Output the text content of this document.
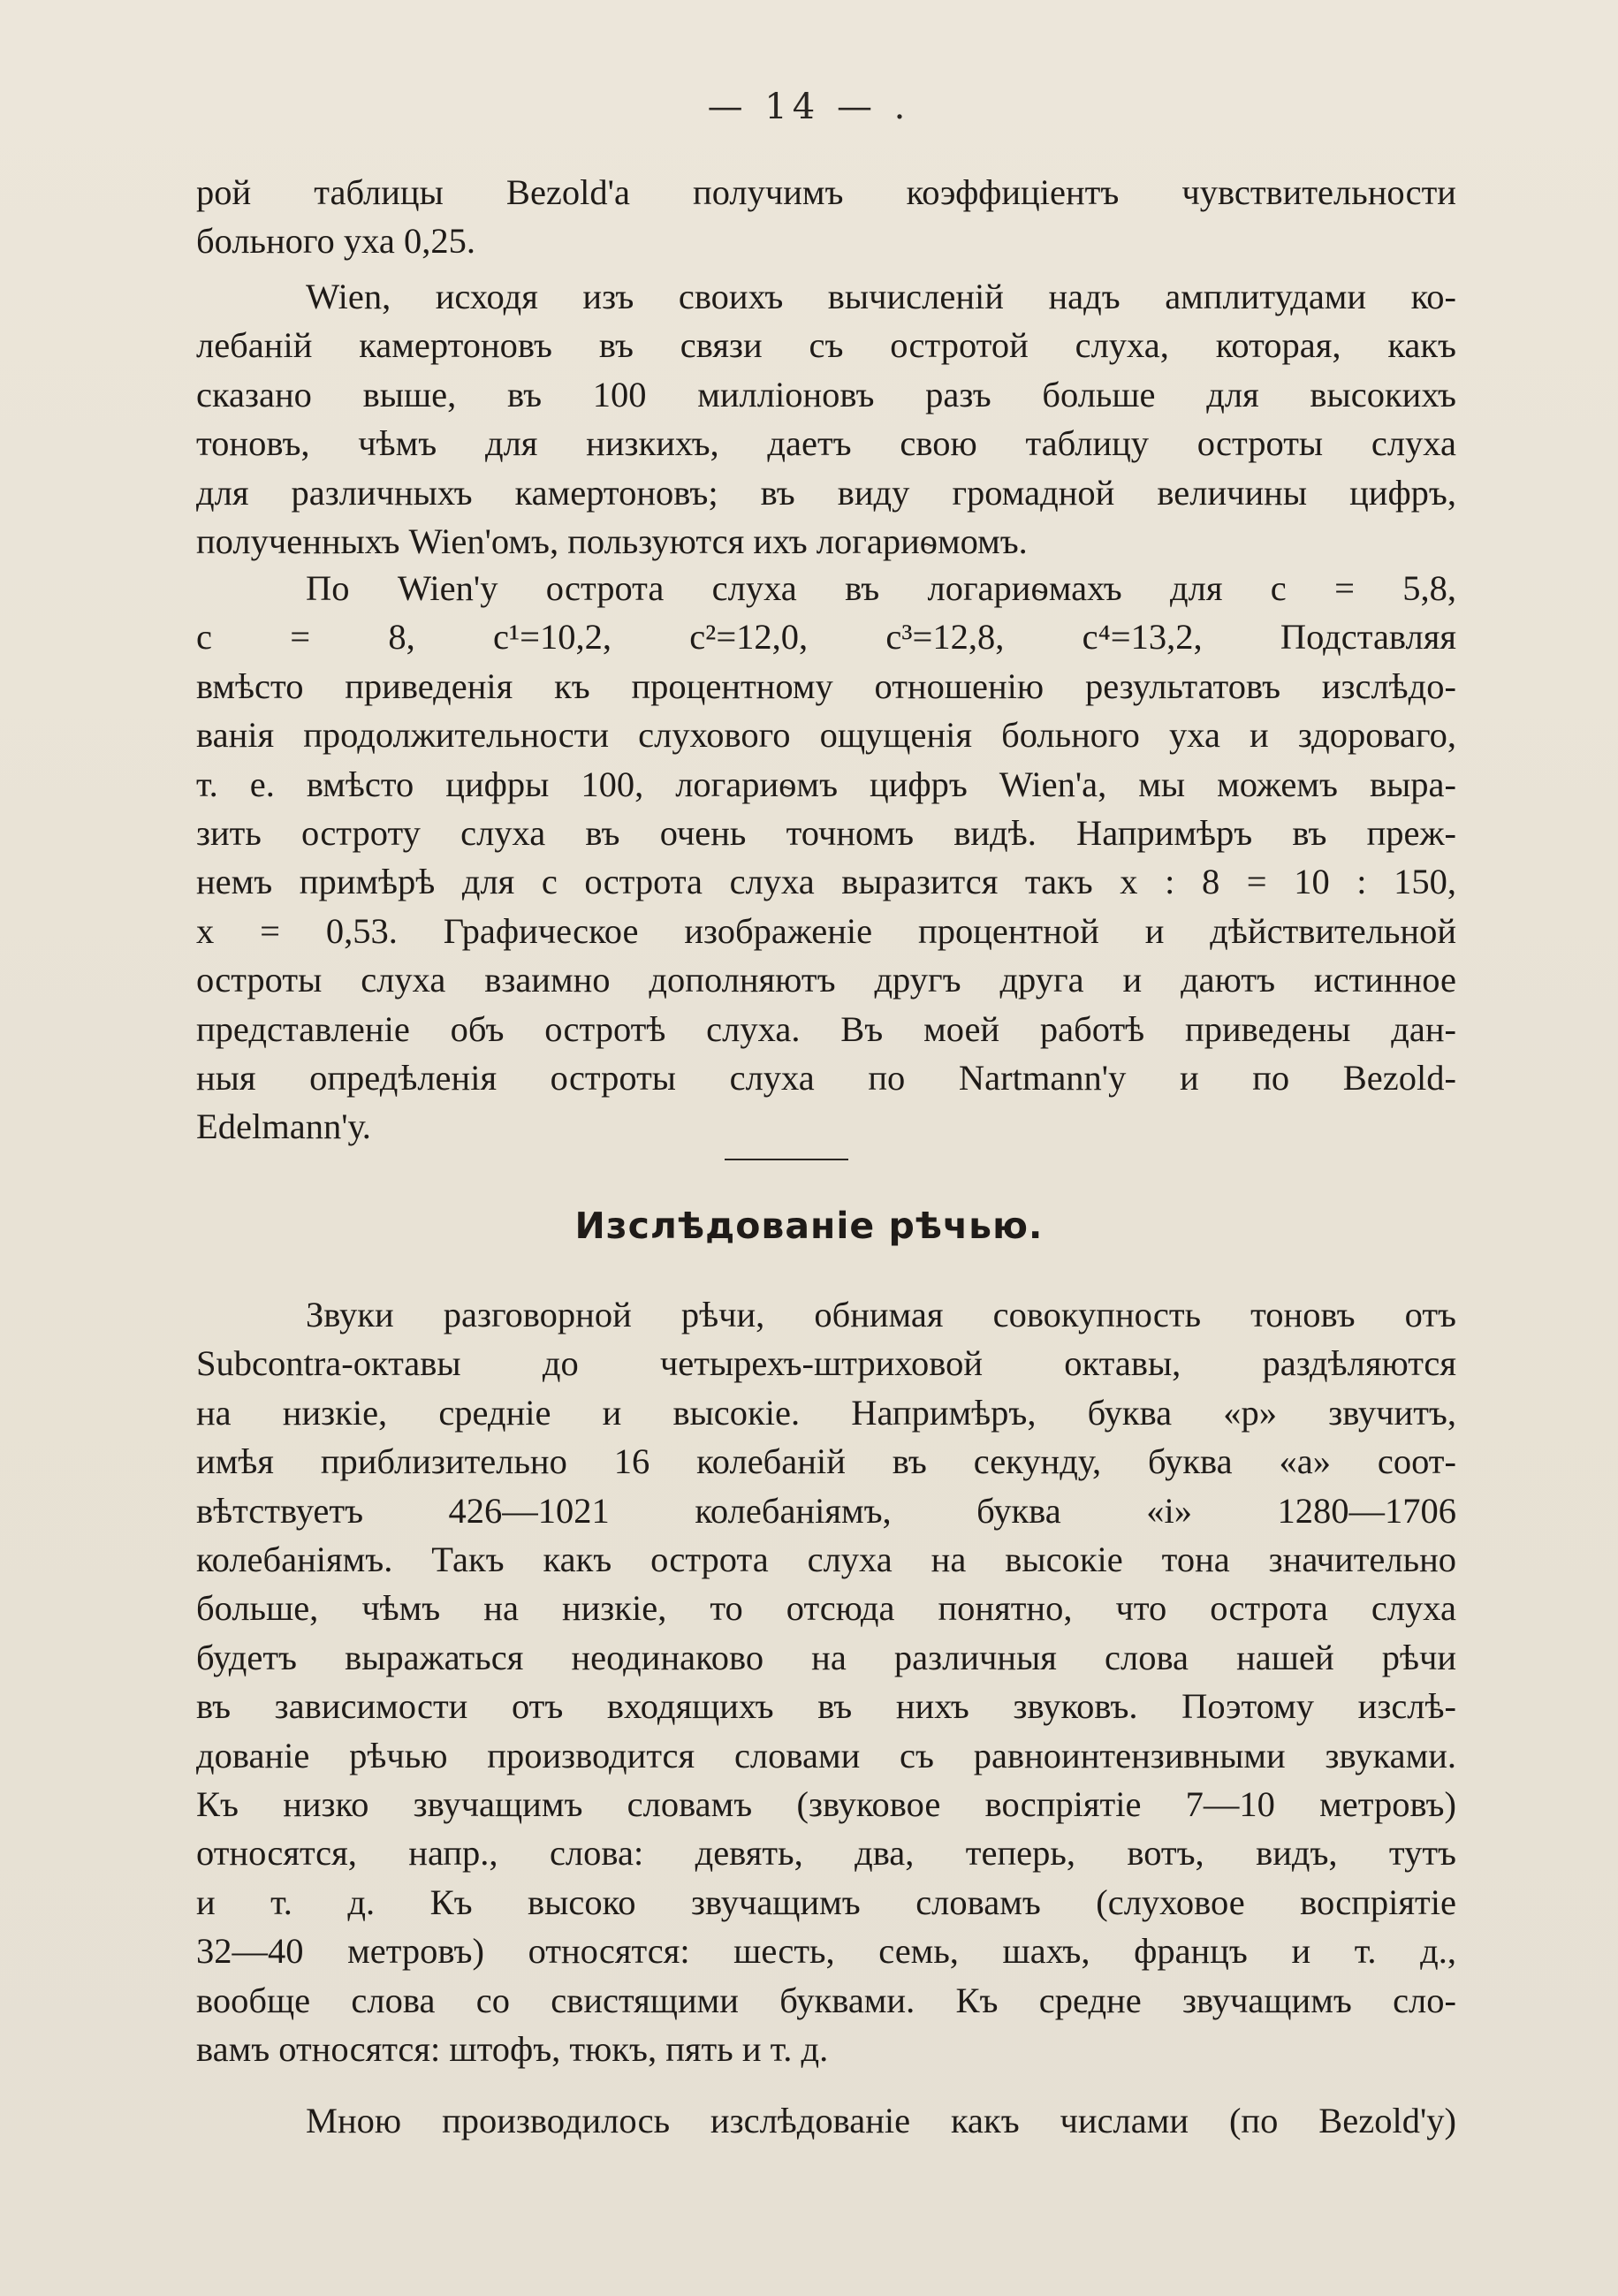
— 14 — .
рой таблицы Bezold'а получимъ коэффиціентъ чувствительности
больного уха 0,25.
Wien, исходя изъ своихъ вычисленій надъ амплитудами ко-
лебаній камертоновъ въ связи съ остротой слуха, которая, какъ
сказано выше, въ 100 милліоновъ разъ больше для высокихъ
тоновъ, чѣмъ для низкихъ, даетъ свою таблицу остроты слуха
для различныхъ камертоновъ; въ виду громадной величины цифръ,
полученныхъ Wien'омъ, пользуются ихъ логариѳмомъ.
По Wien'у острота слуха въ логариѳмахъ для c = 5,8,
c = 8, c¹=10,2, c²=12,0, c³=12,8, c⁴=13,2, Подставляя
вмѣсто приведенія къ процентному отношенію результатовъ изслѣдо-
ванія продолжительности слухового ощущенія больного уха и здороваго,
т. е. вмѣсто цифры 100, логариѳмъ цифръ Wien'а, мы можемъ выра-
зить остроту слуха въ очень точномъ видѣ. Напримѣръ въ преж-
немъ примѣрѣ для c острота слуха выразится такъ x : 8 = 10 : 150,
x = 0,53. Графическое изображеніе процентной и дѣйствительной
остроты слуха взаимно дополняютъ другъ друга и даютъ истинное
представленіе объ остротѣ слуха. Въ моей работѣ приведены дан-
ныя опредѣленія остроты слуха по Nartmann'у и по Bezold-
Edelmann'у.
Изслѣдованіе рѣчью.
Звуки разговорной рѣчи, обнимая совокупность тоновъ отъ
Subcontra-октавы до четырехъ-штриховой октавы, раздѣляются
на низкіе, средніе и высокіе. Напримѣръ, буква «р» звучитъ,
имѣя приблизительно 16 колебаній въ секунду, буква «а» соот-
вѣтствуетъ 426—1021 колебаніямъ, буква «і» 1280—1706
колебаніямъ. Такъ какъ острота слуха на высокіе тона значительно
больше, чѣмъ на низкіе, то отсюда понятно, что острота слуха
будетъ выражаться неодинаково на различныя слова нашей рѣчи
въ зависимости отъ входящихъ въ нихъ звуковъ. Поэтому изслѣ-
дованіе рѣчью производится словами съ равноинтензивными звуками.
Къ низко звучащимъ словамъ (звуковое воспріятіе 7—10 метровъ)
относятся, напр., слова: девять, два, теперь, вотъ, видъ, тутъ
и т. д. Къ высоко звучащимъ словамъ (слуховое воспріятіе
32—40 метровъ) относятся: шесть, семь, шахъ, францъ и т. д.,
вообще слова со свистящими буквами. Къ средне звучащимъ сло-
вамъ относятся: штофъ, тюкъ, пять и т. д.
Мною производилось изслѣдованіе какъ числами (по Bezold'у)
